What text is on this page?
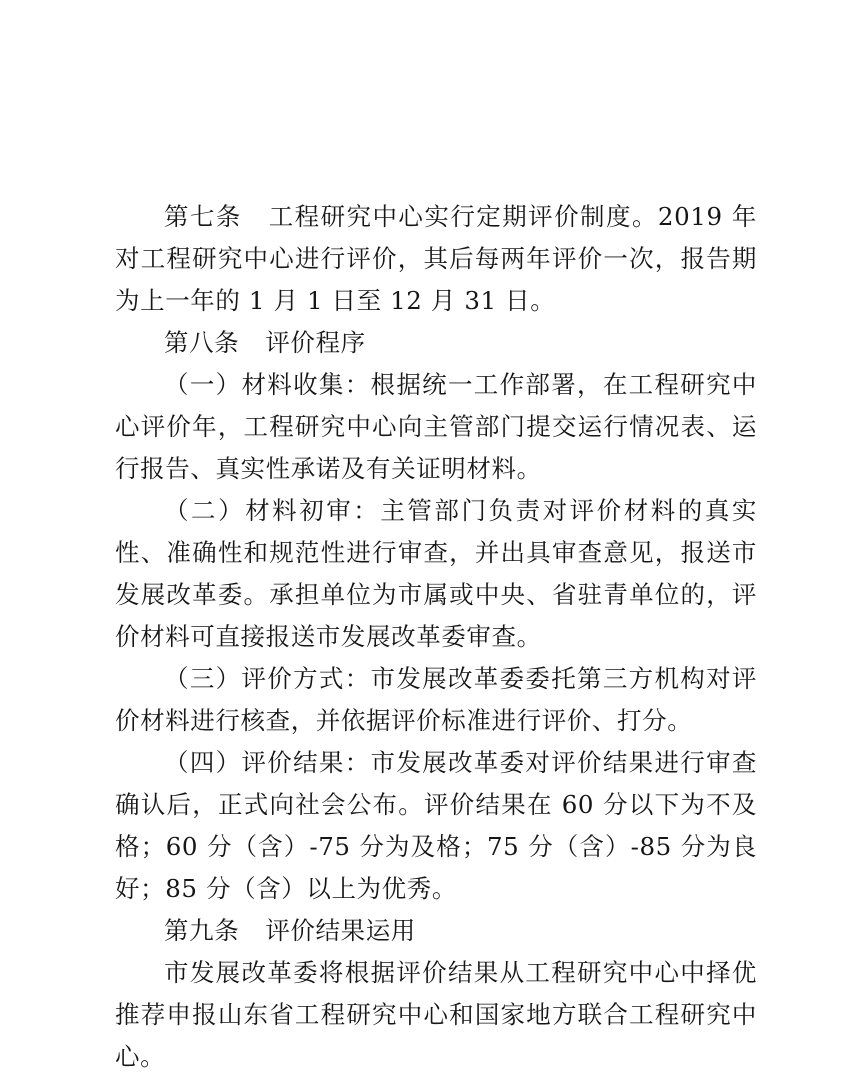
第七条 工程研究中心实行定期评价制度。2019 年对工程研究中心进行评价，其后每两年评价一次，报告期为上一年的 1 月 1 日至 12 月 31 日。

第八条 评价程序

（一）材料收集：根据统一工作部署，在工程研究中心评价年，工程研究中心向主管部门提交运行情况表、运行报告、真实性承诺及有关证明材料。

（二）材料初审：主管部门负责对评价材料的真实性、准确性和规范性进行审查，并出具审查意见，报送市发展改革委。承担单位为市属或中央、省驻青单位的，评价材料可直接报送市发展改革委审查。

（三）评价方式：市发展改革委委托第三方机构对评价材料进行核查，并依据评价标准进行评价、打分。

（四）评价结果：市发展改革委对评价结果进行审查确认后，正式向社会公布。评价结果在 60 分以下为不及格；60 分（含）-75 分为及格；75 分（含）-85 分为良好；85 分（含）以上为优秀。

第九条 评价结果运用

市发展改革委将根据评价结果从工程研究中心中择优推荐申报山东省工程研究中心和国家地方联合工程研究中心。
